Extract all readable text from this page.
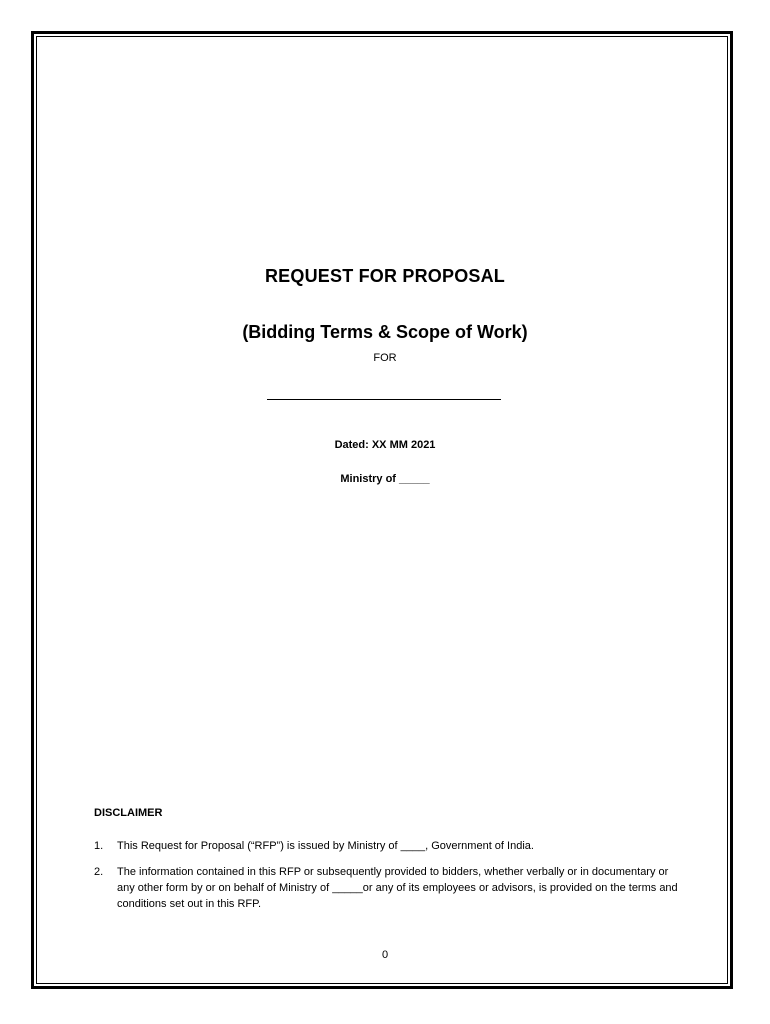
REQUEST FOR PROPOSAL
(Bidding Terms & Scope of Work)
FOR
Dated: XX MM 2021
Ministry of _____
DISCLAIMER
1. This Request for Proposal (“RFP”) is issued by Ministry of ____, Government of India.
2. The information contained in this RFP or subsequently provided to bidders, whether verbally or in documentary or any other form by or on behalf of Ministry of _____or any of its employees or advisors, is provided on the terms and conditions set out in this RFP.
0
